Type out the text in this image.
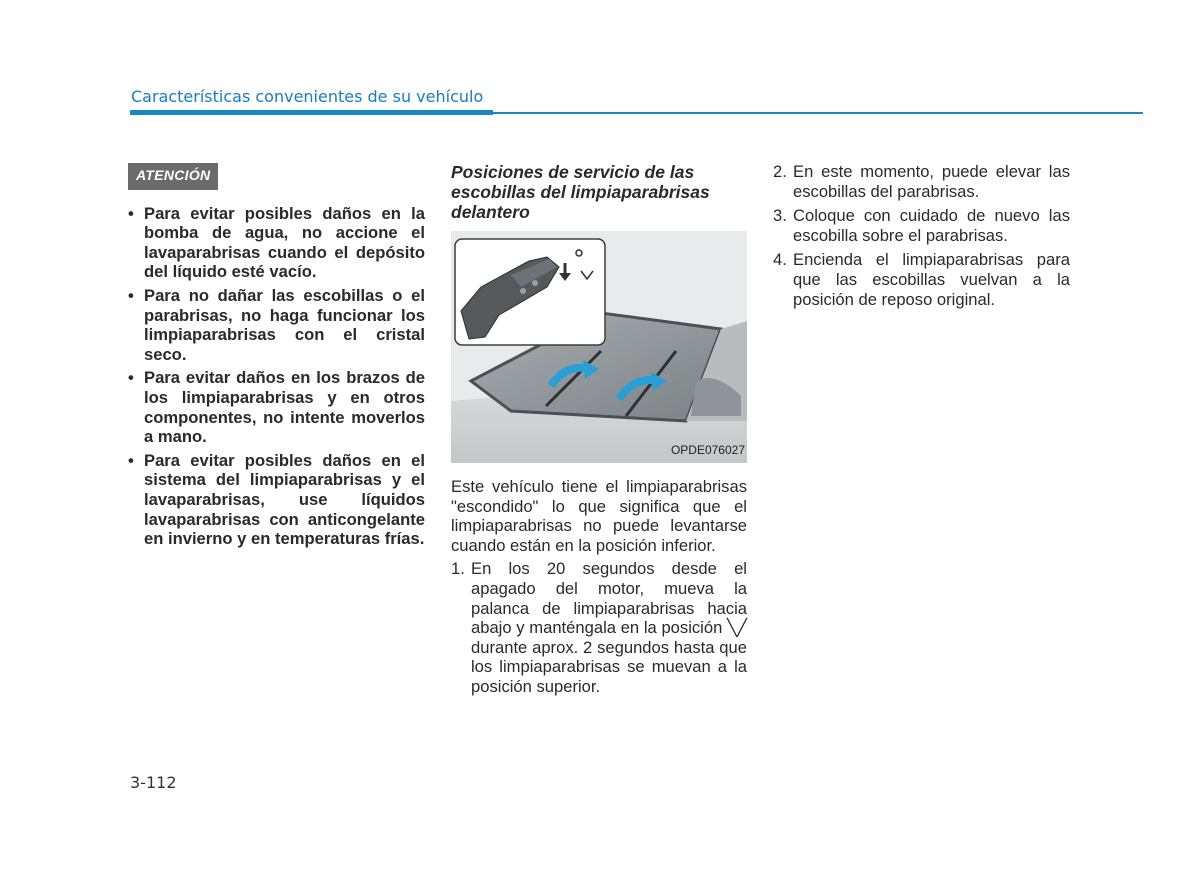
Características convenientes de su vehículo
ATENCIÓN
• Para evitar posibles daños en la bomba de agua, no accione el lavaparabrisas cuando el depósito del líquido esté vacío.
• Para no dañar las escobillas o el parabrisas, no haga funcionar los limpiaparabrisas con el cristal seco.
• Para evitar daños en los brazos de los limpiaparabrisas y en otros componentes, no intente moverlos a mano.
• Para evitar posibles daños en el sistema del limpiaparabrisas y el lavaparabrisas, use líquidos lavaparabrisas con anticongelante en invierno y en temperaturas frías.
Posiciones de servicio de las escobillas del limpiaparabrisas delantero
OPDE076027

Este vehículo tiene el limpiaparabrisas "escondido" lo que significa que el limpiaparabrisas no puede levantarse cuando están en la posición inferior.

1. En los 20 segundos desde el apagado del motor, mueva la palanca de limpiaparabrisas hacia abajo y manténgala en la posición ╲╱ durante aprox. 2 segundos hasta que los limpiaparabrisas se muevan a la posición superior.
2. En este momento, puede elevar las escobillas del parabrisas.
3. Coloque con cuidado de nuevo las escobilla sobre el parabrisas.
4. Encienda el limpiaparabrisas para que las escobillas vuelvan a la posición de reposo original.
3-112
